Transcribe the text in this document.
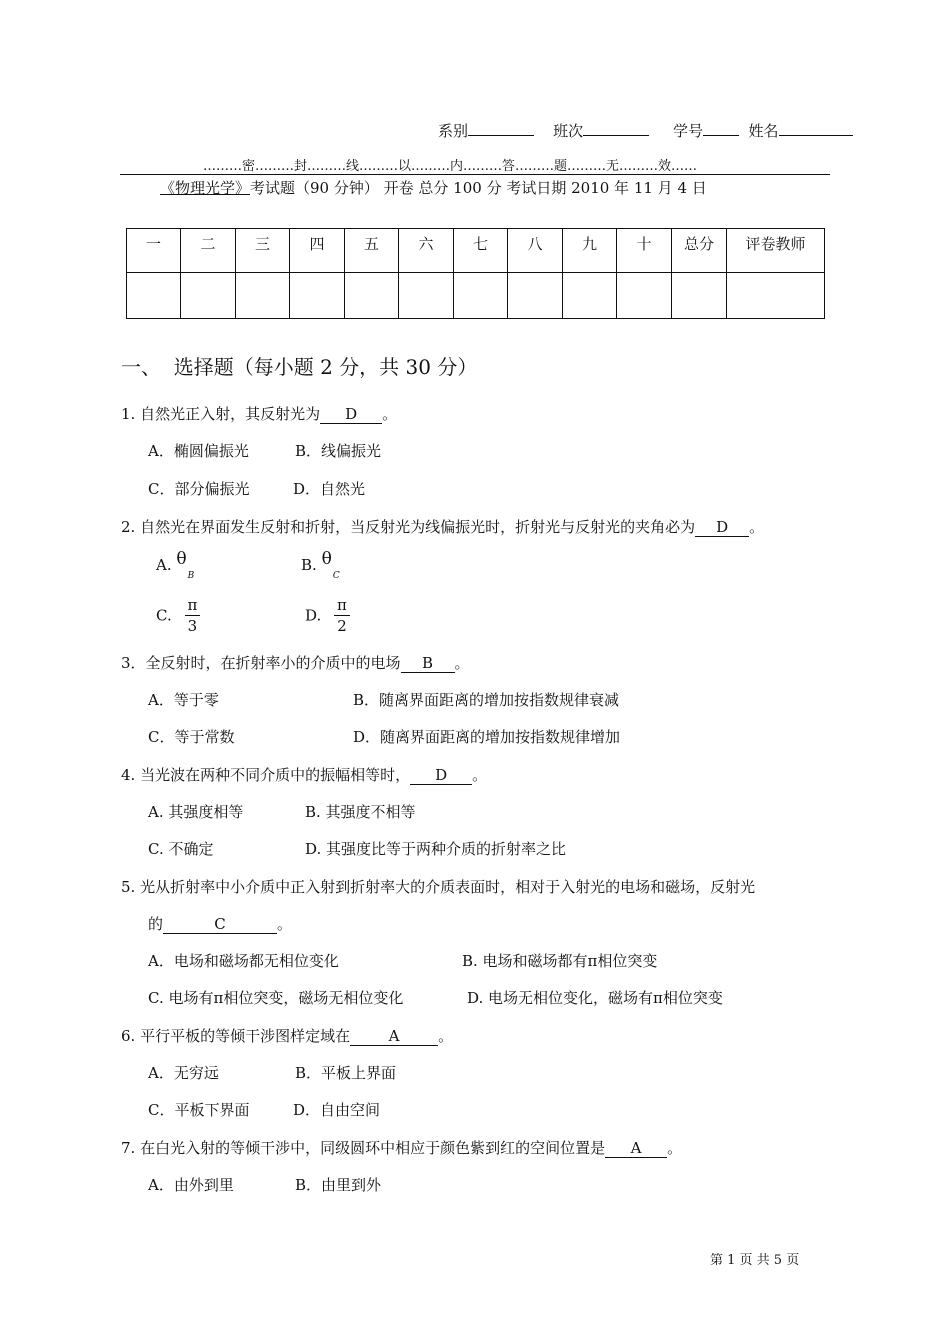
系别	班次	学号	姓名
………密………封………线………以………内………答………题………无………效……
《物理光学》考试题（90 分钟） 开卷 总分 100 分 考试日期 2010 年 11 月 4 日
一	二	三	四	五	六	七	八	九	十	总分	评卷教师

一、  选择题（每小题 2 分，共 30 分）
1. 自然光正入射，其反射光为 D 。
A．椭圆偏振光	B．线偏振光
C．部分偏振光	D．自然光
2. 自然光在界面发生反射和折射，当反射光为线偏振光时，折射光与反射光的夹角必为 D 。
A. $\theta_B$
B. $\theta_C$
C. $\frac{\pi}{3}$	D. $\frac{\pi}{2}$
3．全反射时，在折射率小的介质中的电场 B 。
A．等于零	B．随离界面距离的增加按指数规律衰减
C．等于常数	D．随离界面距离的增加按指数规律增加
4. 当光波在两种不同介质中的振幅相等时， D 。
A. 其强度相等	B. 其强度不相等
C. 不确定	D. 其强度比等于两种介质的折射率之比
5. 光从折射率中小介质中正入射到折射率大的介质表面时，相对于入射光的电场和磁场，反射光
的	C	。
A．电场和磁场都无相位变化	B. 电场和磁场都有π相位突变
C. 电场有π相位突变，磁场无相位变化	D. 电场无相位变化，磁场有π相位突变
6. 平行平板的等倾干涉图样定域在	A	。
A．无穷远	B．平板上界面
C．平板下界面	D．自由空间
7. 在白光入射的等倾干涉中，同级圆环中相应于颜色紫到红的空间位置是 A 。
A．由外到里	B．由里到外
第 1 页 共 5 页
